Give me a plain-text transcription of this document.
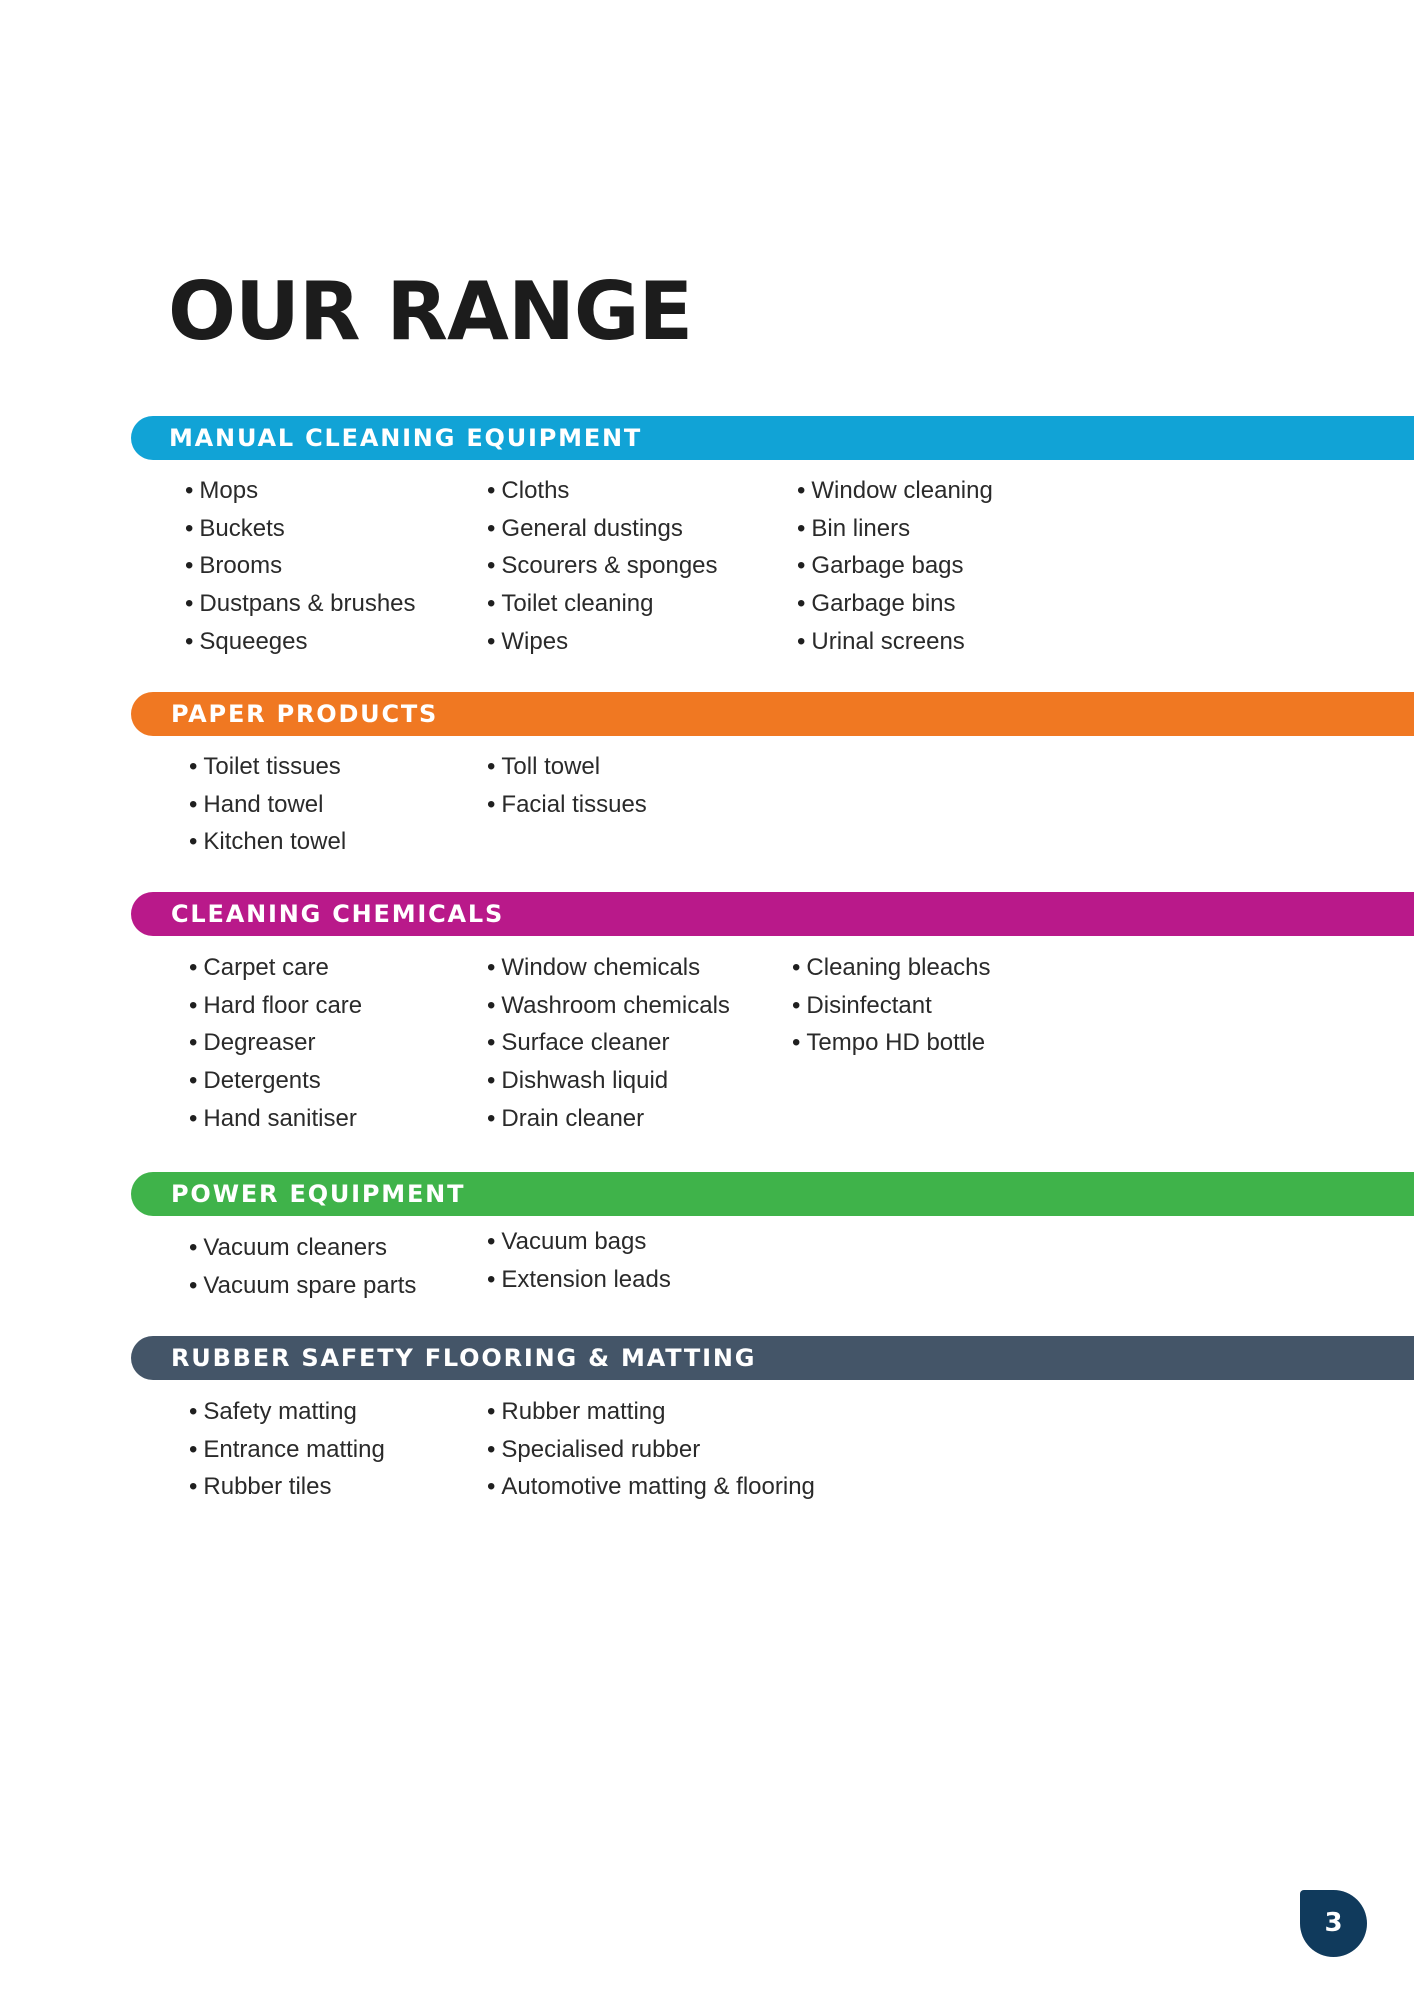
OUR RANGE
MANUAL CLEANING EQUIPMENT
• Mops
• Buckets
• Brooms
• Dustpans & brushes
• Squeeges
• Cloths
• General dustings
• Scourers & sponges
• Toilet cleaning
• Wipes
• Window cleaning
• Bin liners
• Garbage bags
• Garbage bins
• Urinal screens
PAPER PRODUCTS
• Toilet tissues
• Hand towel
• Kitchen towel
• Toll towel
• Facial tissues
CLEANING CHEMICALS
• Carpet care
• Hard floor care
• Degreaser
• Detergents
• Hand sanitiser
• Window chemicals
• Washroom chemicals
• Surface cleaner
• Dishwash liquid
• Drain cleaner
• Cleaning bleachs
• Disinfectant
• Tempo HD bottle
POWER EQUIPMENT
• Vacuum cleaners
• Vacuum spare parts
• Vacuum bags
• Extension leads
RUBBER SAFETY FLOORING & MATTING
• Safety matting
• Entrance matting
• Rubber tiles
• Rubber matting
• Specialised rubber
• Automotive matting & flooring
3
